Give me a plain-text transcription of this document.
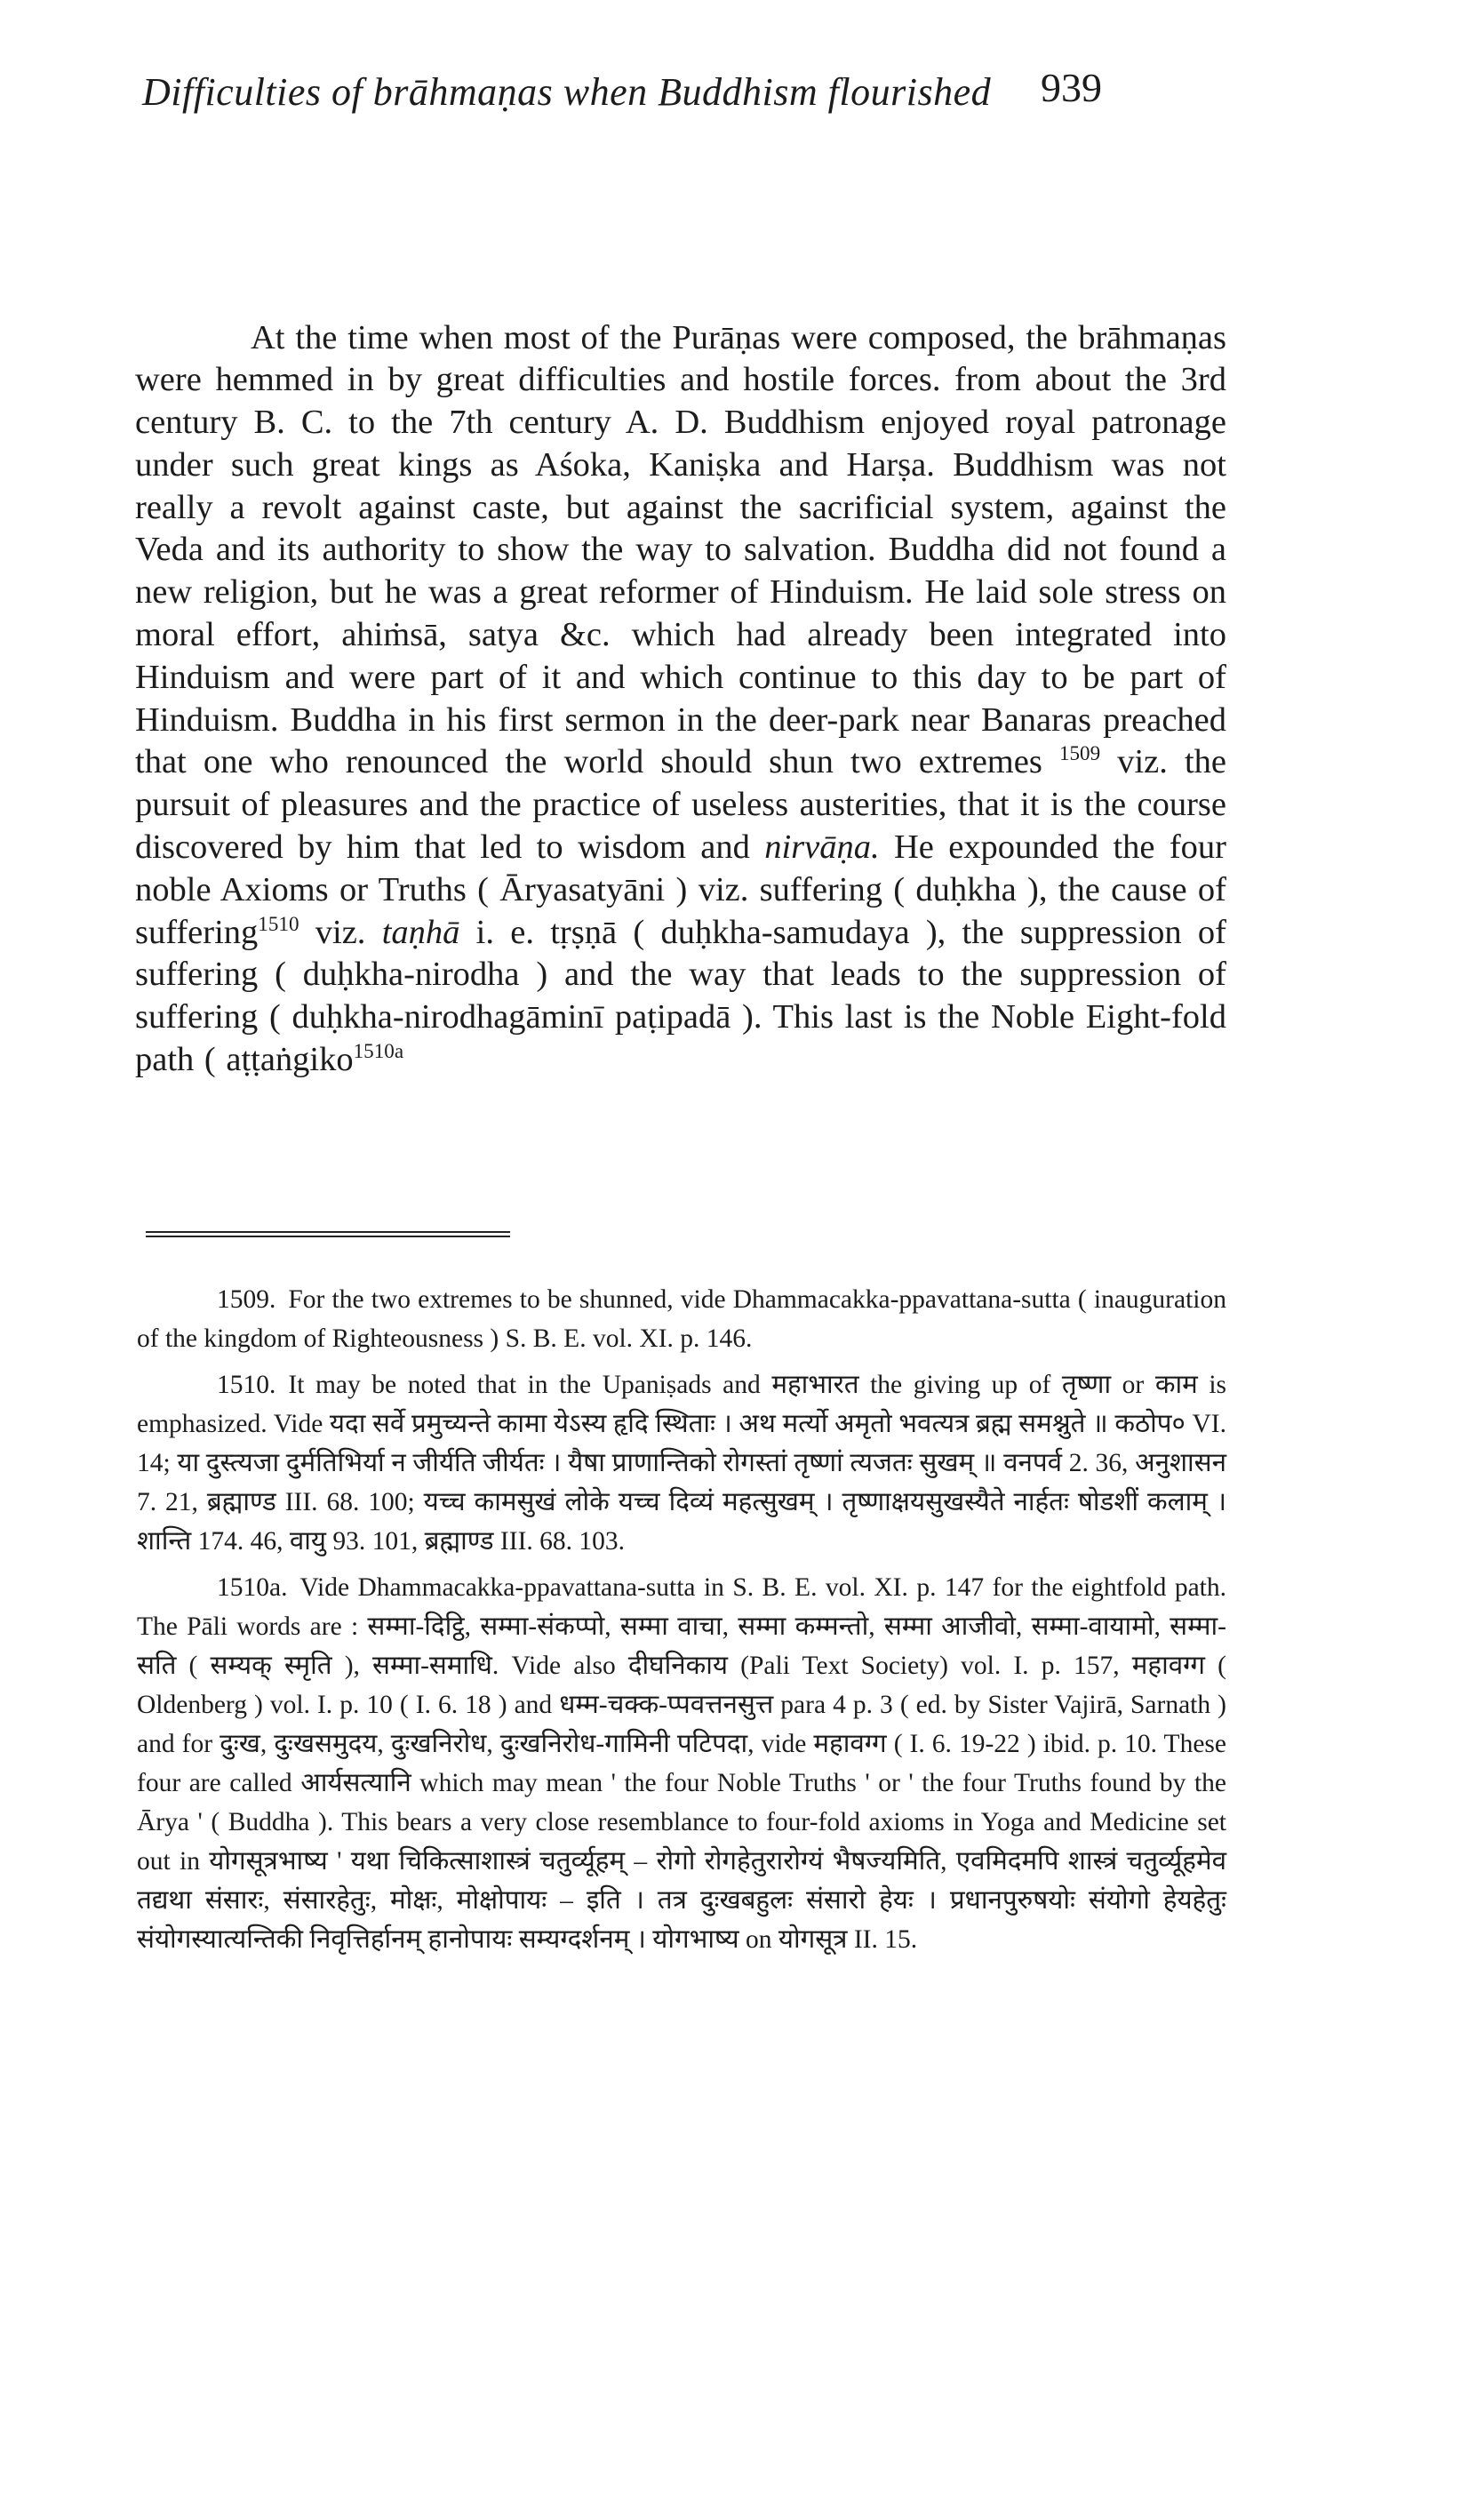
Difficulties of brāhmaṇas when Buddhism flourished 939

At the time when most of the Purāṇas were composed, the brāhmaṇas were hemmed in by great difficulties and hostile forces. from about the 3rd century B. C. to the 7th century A. D. Buddhism enjoyed royal patronage under such great kings as Aśoka, Kaniṣka and Harṣa. Buddhism was not really a revolt against caste, but against the sacrificial system, against the Veda and its authority to show the way to salvation. Buddha did not found a new religion, but he was a great reformer of Hinduism. He laid sole stress on moral effort, ahiṁsā, satya &c. which had already been integrated into Hinduism and were part of it and which continue to this day to be part of Hinduism. Buddha in his first sermon in the deer-park near Banaras preached that one who renounced the world should shun two extremes $^{1509}$ viz. the pursuit of pleasures and the practice of useless austerities, that it is the course discovered by him that led to wisdom and nirvāṇa. He expounded the four noble Axioms or Truths ( Āryasatyāni ) viz. suffering ( duḥkha ), the cause of suffering$^{1510}$ viz. taṇhā i. e. tṛṣṇā ( duḥkha-samudaya ), the suppression of suffering ( duḥkha-nirodha ) and the way that leads to the suppression of suffering ( duḥkha-nirodhagāminī paṭipadā ). This last is the Noble Eight-fold path ( aṭṭaṅgiko$^{1510a}$

1509. For the two extremes to be shunned, vide Dhammacakka-ppavattana-sutta ( inauguration of the kingdom of Righteousness ) S. B. E. vol. XI. p. 146.

1510. It may be noted that in the Upaniṣads and महाभारत the giving up of तृष्णा or काम is emphasized. Vide यदा सर्वे प्रमुच्यन्ते कामा येऽस्य हृदि स्थिताः । अथ मर्त्यो अमृतो भवत्यत्र ब्रह्म समश्नुते ॥ कठोप० VI. 14; या दुस्त्यजा दुर्मतिभिर्या न जीर्यति जीर्यतः । यैषा प्राणान्तिको रोगस्तां तृष्णां त्यजतः सुखम् ॥ वनपर्व 2. 36, अनुशासन 7. 21, ब्रह्माण्ड III. 68. 100; यच्च कामसुखं लोके यच्च दिव्यं महत्सुखम् । तृष्णाक्षयसुखस्यैते नार्हतः षोडशीं कलाम् । शान्ति 174. 46, वायु 93. 101, ब्रह्माण्ड III. 68. 103.

1510a. Vide Dhammacakka-ppavattana-sutta in S. B. E. vol. XI. p. 147 for the eightfold path. The Pāli words are : सम्मा-दिट्ठि, सम्मा-संकप्पो, सम्मा वाचा, सम्मा कम्मन्तो, सम्मा आजीवो, सम्मा-वायामो, सम्मा-सति ( सम्यक् स्मृति ), सम्मा-समाधि. Vide also दीघनिकाय (Pali Text Society) vol. I. p. 157, महावग्ग ( Oldenberg ) vol. I. p. 10 ( I. 6. 18 ) and धम्म-चक्क-प्पवत्तनसुत्त para 4 p. 3 ( ed. by Sister Vajirā, Sarnath ) and for दुःख, दुःखसमुदय, दुःखनिरोध, दुःखनिरोध-गामिनी पटिपदा, vide महावग्ग ( I. 6. 19-22 ) ibid. p. 10. These four are called आर्यसत्यानि which may mean ' the four Noble Truths ' or ' the four Truths found by the Ārya ' ( Buddha ). This bears a very close resemblance to four-fold axioms in Yoga and Medicine set out in योगसूत्रभाष्य ' यथा चिकित्साशास्त्रं चतुर्व्यूहम् – रोगो रोगहेतुरारोग्यं भैषज्यमिति, एवमिदमपि शास्त्रं चतुर्व्यूहमेव तद्यथा संसारः, संसारहेतुः, मोक्षः, मोक्षोपायः – इति । तत्र दुःखबहुलः संसारो हेयः । प्रधानपुरुषयोः संयोगो हेयहेतुः संयोगस्यात्यन्तिकी निवृत्तिर्हानम् हानोपायः सम्यग्दर्शनम् । योगभाष्य on योगसूत्र II. 15.
